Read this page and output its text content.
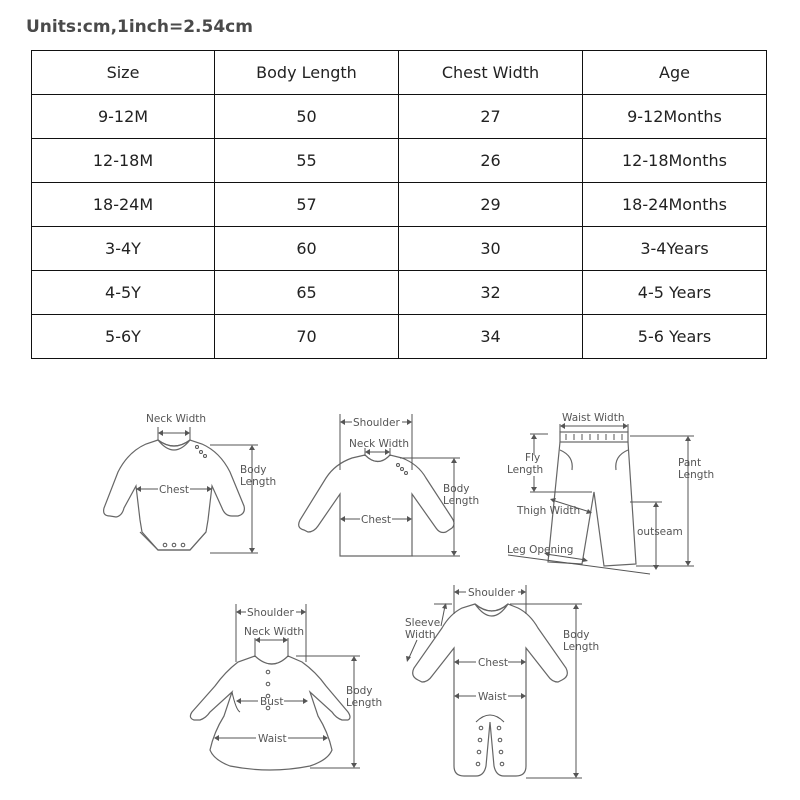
Units:cm,1inch=2.54cm
Size	Body Length	Chest Width	Age
9-12M	50	27	9-12Months
12-18M	55	26	12-18Months
18-24M	57	29	18-24Months
3-4Y	60	30	3-4Years
4-5Y	65	32	4-5 Years
5-6Y	70	34	5-6 Years
Neck Width
Chest
Body
Length
Shoulder
Neck Width
Chest
Body
Length
Waist Width
Fly
Length
Pant
Length
Thigh Width
outseam
Leg Opening
Shoulder
Neck Width
Bust
Waist
Body
Length
Shoulder
Sleeve
Width
Chest
Waist
Body
Length
